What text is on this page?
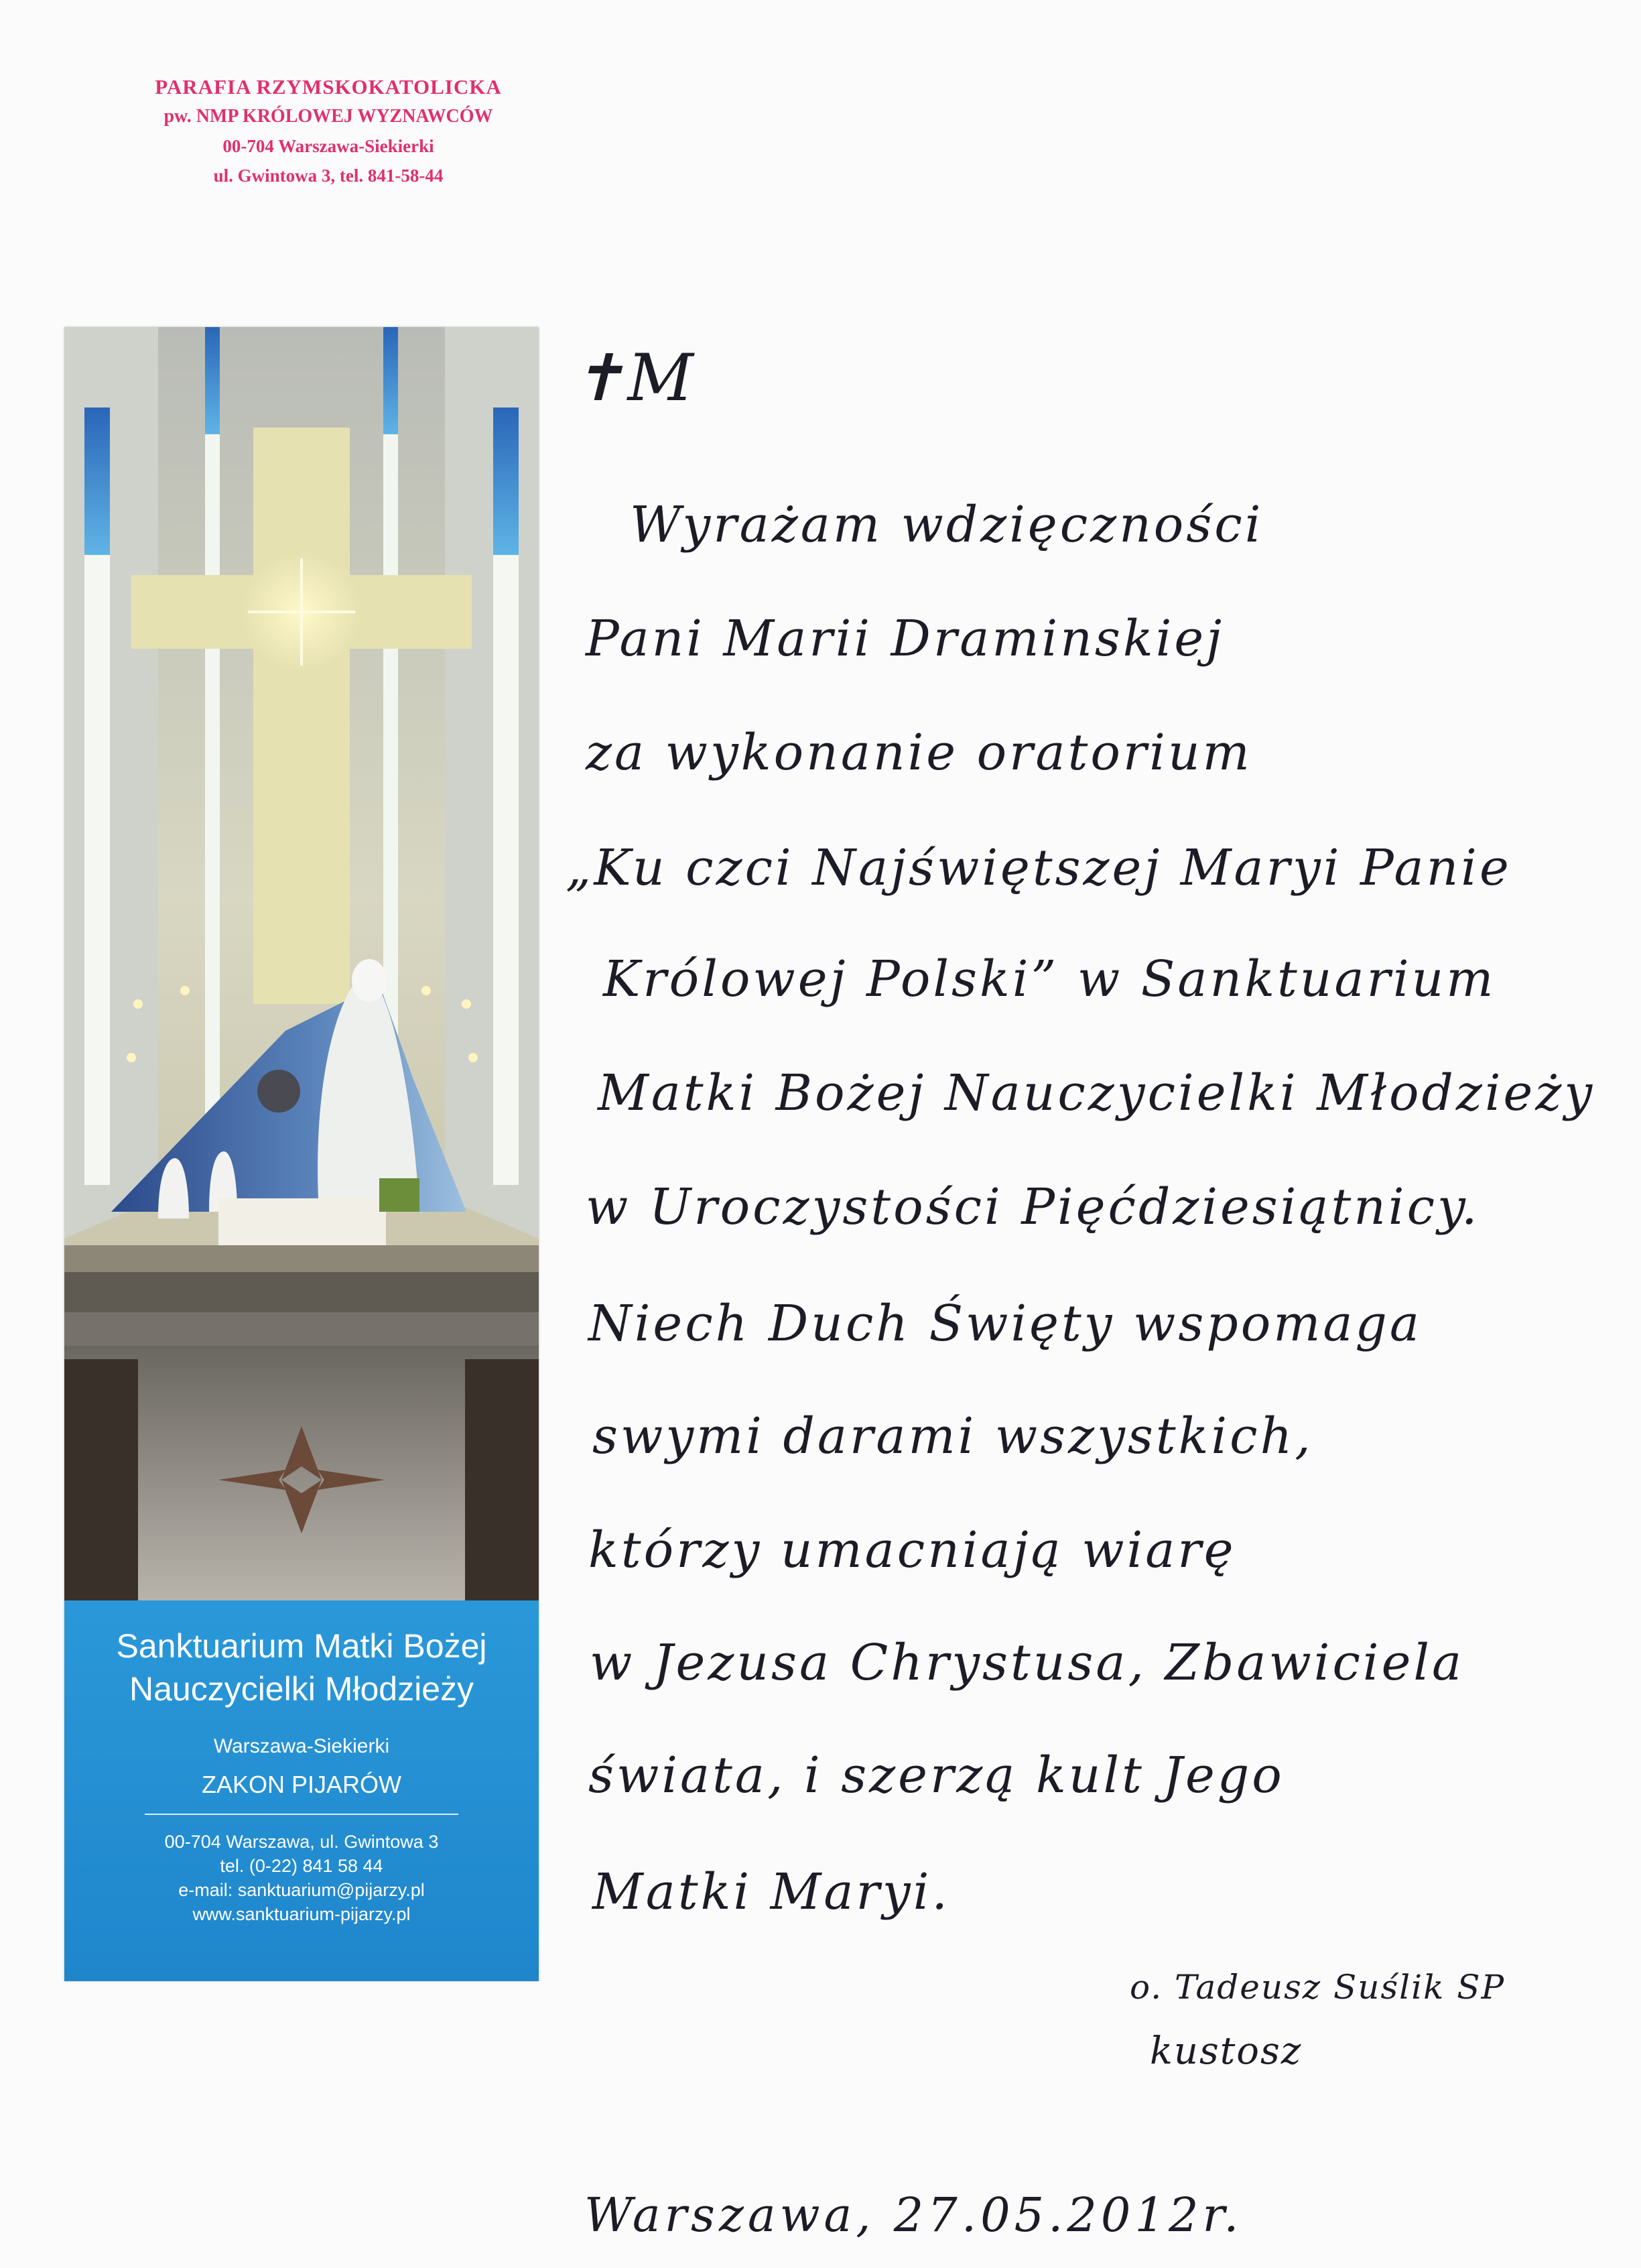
PARAFIA RZYMSKOKATOLICKA
pw. NMP KRÓLOWEJ WYZNAWCÓW
00-704 Warszawa-Siekierki
ul. Gwintowa 3, tel. 841-58-44
Sanktuarium Matki Bożej
Nauczycielki Młodzieży
Warszawa-Siekierki
ZAKON PIJARÓW
00-704 Warszawa, ul. Gwintowa 3
tel. (0-22) 841 58 44
e-mail: sanktuarium@pijarzy.pl
www.sanktuarium-pijarzy.pl
✝M
Wyrażam wdzięczności
Pani Marii Draminskiej
za wykonanie oratorium
„Ku czci Najświętszej Maryi Panie
Królowej Polski” w Sanktuarium
Matki Bożej Nauczycielki Młodzieży
w Uroczystości Pięćdziesiątnicy.
Niech Duch Święty wspomaga
swymi darami wszystkich,
którzy umacniają wiarę
w Jezusa Chrystusa, Zbawiciela
świata, i szerzą kult Jego
Matki Maryi.
o. Tadeusz Suślik SP
kustosz
Warszawa, 27.05.2012r.
